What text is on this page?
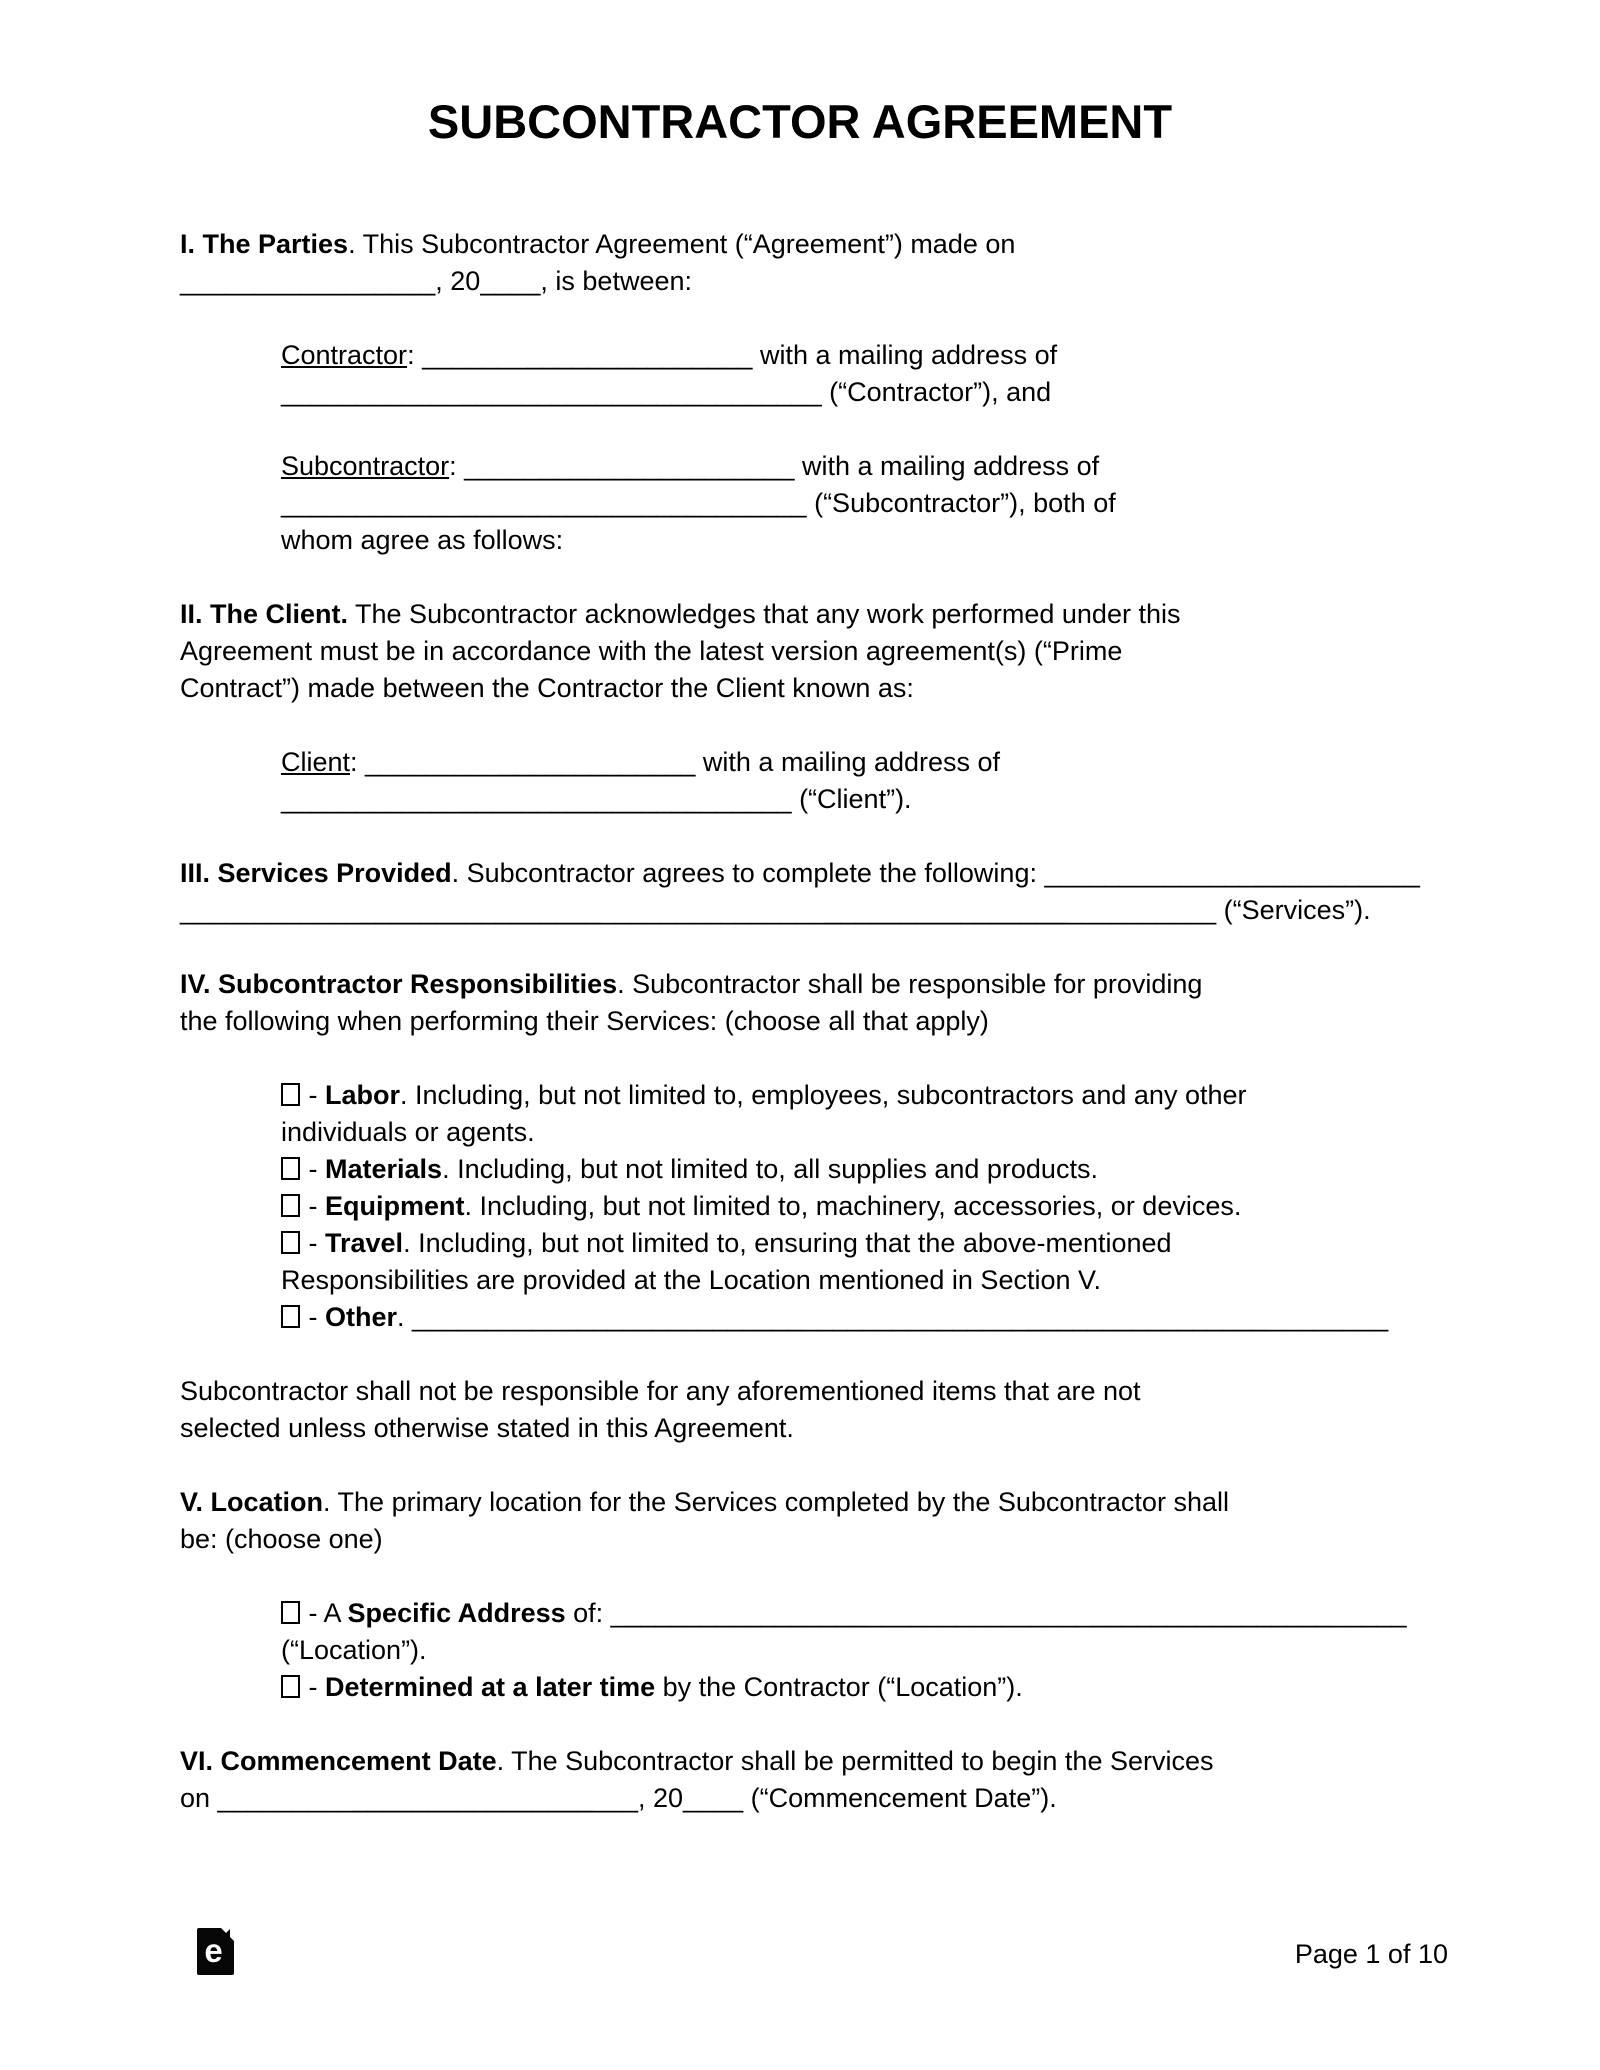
SUBCONTRACTOR AGREEMENT
I. The Parties. This Subcontractor Agreement (“Agreement”) made on
_________________, 20____, is between:
Contractor: ______________________ with a mailing address of
____________________________________ (“Contractor”), and
Subcontractor: ______________________ with a mailing address of
___________________________________ (“Subcontractor”), both of
whom agree as follows:
II. The Client. The Subcontractor acknowledges that any work performed under this
Agreement must be in accordance with the latest version agreement(s) (“Prime
Contract”) made between the Contractor the Client known as:
Client: ______________________ with a mailing address of
__________________________________ (“Client”).
III. Services Provided. Subcontractor agrees to complete the following: _________________________
_____________________________________________________________________ (“Services”).
IV. Subcontractor Responsibilities. Subcontractor shall be responsible for providing
the following when performing their Services: (choose all that apply)
- Labor. Including, but not limited to, employees, subcontractors and any other
individuals or agents.
- Materials. Including, but not limited to, all supplies and products.
- Equipment. Including, but not limited to, machinery, accessories, or devices.
- Travel. Including, but not limited to, ensuring that the above-mentioned
Responsibilities are provided at the Location mentioned in Section V.
- Other. _________________________________________________________________
Subcontractor shall not be responsible for any aforementioned items that are not
selected unless otherwise stated in this Agreement.
V. Location. The primary location for the Services completed by the Subcontractor shall
be: (choose one)
- A Specific Address of: _____________________________________________________
(“Location”).
- Determined at a later time by the Contractor (“Location”).
VI. Commencement Date. The Subcontractor shall be permitted to begin the Services
on ____________________________, 20____ (“Commencement Date”).
e	Page 1 of 10
